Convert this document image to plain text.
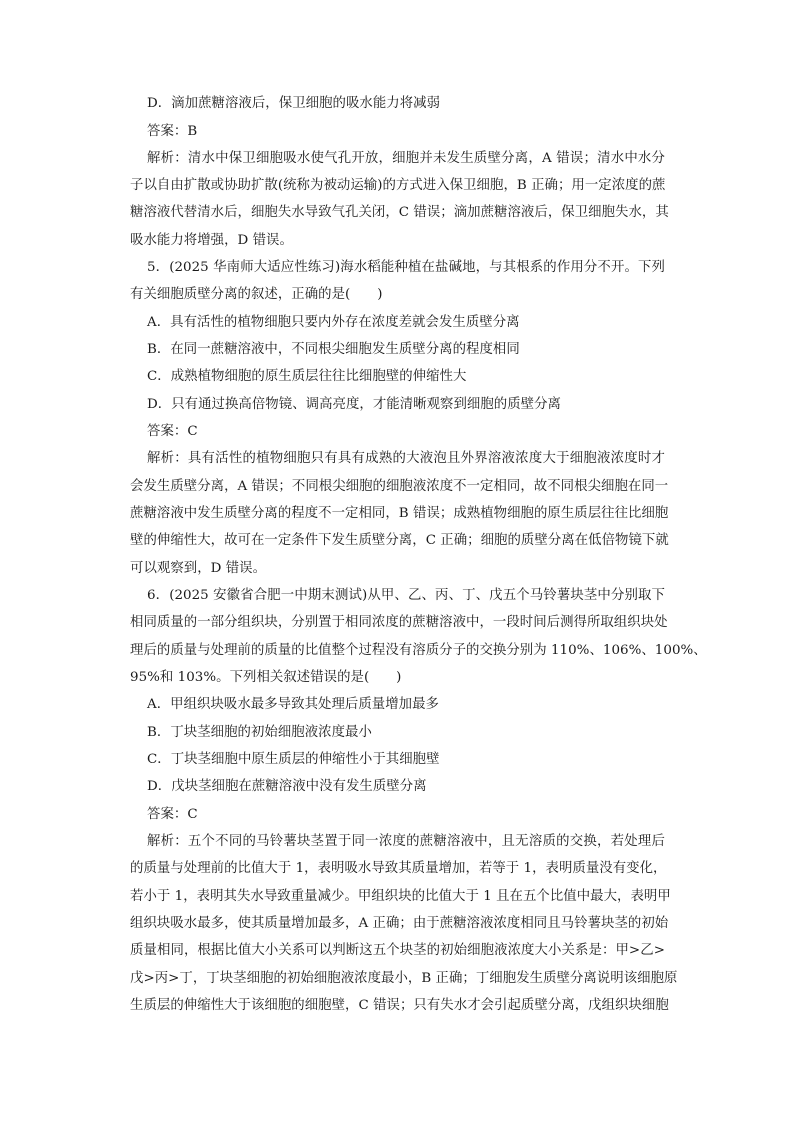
D．滴加蔗糖溶液后，保卫细胞的吸水能力将减弱
答案：B
解析：清水中保卫细胞吸水使气孔开放，细胞并未发生质壁分离，A 错误；清水中水分
子以自由扩散或协助扩散(统称为被动运输)的方式进入保卫细胞，B 正确；用一定浓度的蔗
糖溶液代替清水后，细胞失水导致气孔关闭，C 错误；滴加蔗糖溶液后，保卫细胞失水，其
吸水能力将增强，D 错误。
5．(2025 华南师大适应性练习)海水稻能种植在盐碱地，与其根系的作用分不开。下列
有关细胞质壁分离的叙述，正确的是(　　)
A．具有活性的植物细胞只要内外存在浓度差就会发生质壁分离
B．在同一蔗糖溶液中，不同根尖细胞发生质壁分离的程度相同
C．成熟植物细胞的原生质层往往比细胞壁的伸缩性大
D．只有通过换高倍物镜、调高亮度，才能清晰观察到细胞的质壁分离
答案：C
解析：具有活性的植物细胞只有具有成熟的大液泡且外界溶液浓度大于细胞液浓度时才
会发生质壁分离，A 错误；不同根尖细胞的细胞液浓度不一定相同，故不同根尖细胞在同一
蔗糖溶液中发生质壁分离的程度不一定相同，B 错误；成熟植物细胞的原生质层往往比细胞
壁的伸缩性大，故可在一定条件下发生质壁分离，C 正确；细胞的质壁分离在低倍物镜下就
可以观察到，D 错误。
6．(2025 安徽省合肥一中期末测试)从甲、乙、丙、丁、戊五个马铃薯块茎中分别取下
相同质量的一部分组织块，分别置于相同浓度的蔗糖溶液中，一段时间后测得所取组织块处
理后的质量与处理前的质量的比值整个过程没有溶质分子的交换分别为 110%、106%、100%、
95%和 103%。下列相关叙述错误的是(　　)
A．甲组织块吸水最多导致其处理后质量增加最多
B．丁块茎细胞的初始细胞液浓度最小
C．丁块茎细胞中原生质层的伸缩性小于其细胞壁
D．戊块茎细胞在蔗糖溶液中没有发生质壁分离
答案：C
解析：五个不同的马铃薯块茎置于同一浓度的蔗糖溶液中，且无溶质的交换，若处理后
的质量与处理前的比值大于 1，表明吸水导致其质量增加，若等于 1，表明质量没有变化，
若小于 1，表明其失水导致重量减少。甲组织块的比值大于 1 且在五个比值中最大，表明甲
组织块吸水最多，使其质量增加最多，A 正确；由于蔗糖溶液浓度相同且马铃薯块茎的初始
质量相同，根据比值大小关系可以判断这五个块茎的初始细胞液浓度大小关系是：甲>乙>
戊>丙>丁，丁块茎细胞的初始细胞液浓度最小，B 正确；丁细胞发生质壁分离说明该细胞原
生质层的伸缩性大于该细胞的细胞壁，C 错误；只有失水才会引起质壁分离，戊组织块细胞
